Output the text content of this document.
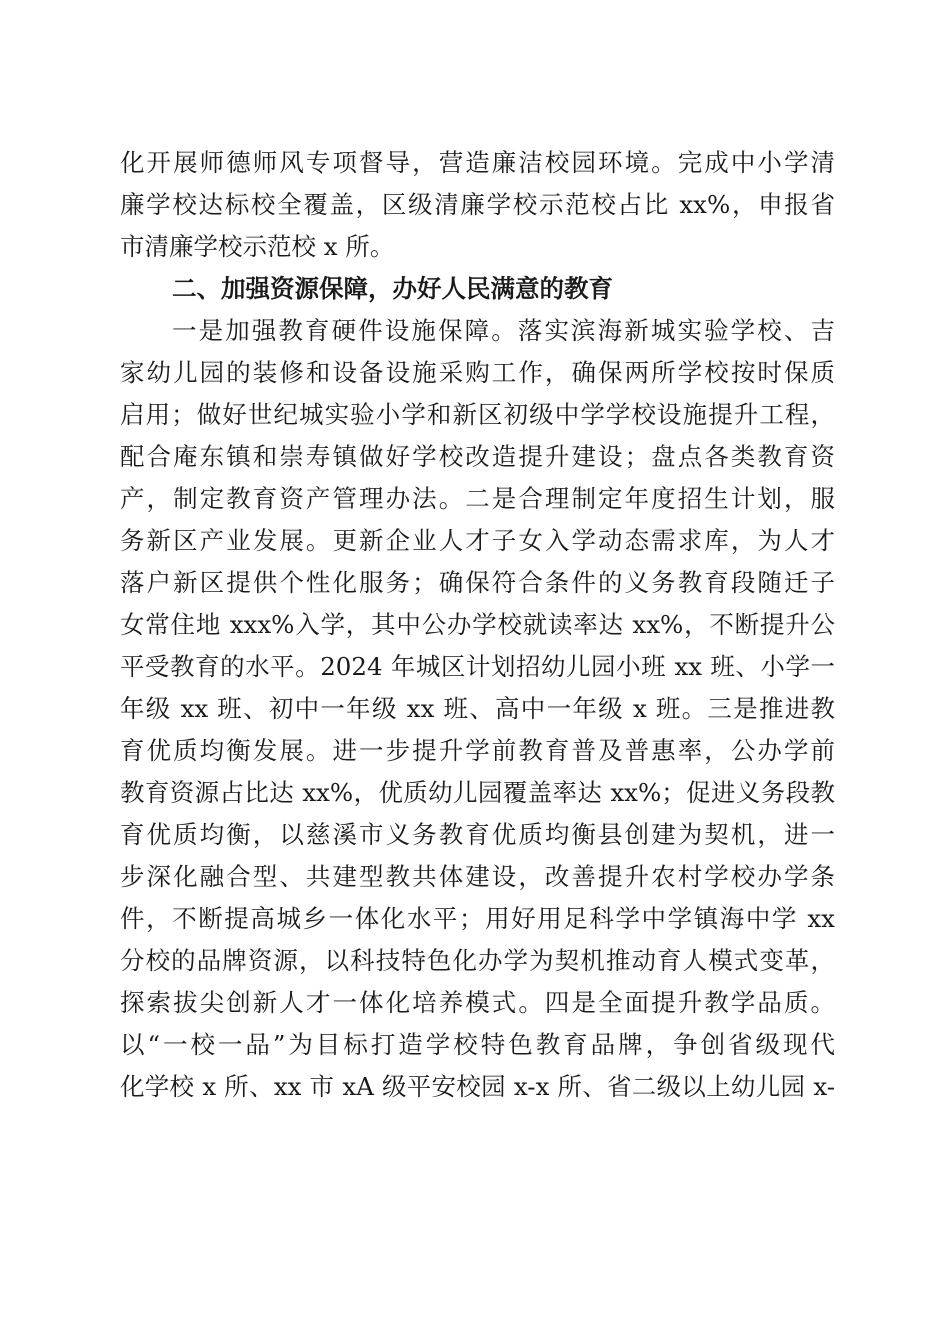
化开展师德师风专项督导，营造廉洁校园环境。完成中小学清
廉学校达标校全覆盖，区级清廉学校示范校占比 xx%，申报省
市清廉学校示范校 x 所。
二、加强资源保障，办好人民满意的教育
一是加强教育硬件设施保障。落实滨海新城实验学校、吉
家幼儿园的装修和设备设施采购工作，确保两所学校按时保质
启用；做好世纪城实验小学和新区初级中学学校设施提升工程，
配合庵东镇和崇寿镇做好学校改造提升建设；盘点各类教育资
产，制定教育资产管理办法。二是合理制定年度招生计划，服
务新区产业发展。更新企业人才子女入学动态需求库，为人才
落户新区提供个性化服务；确保符合条件的义务教育段随迁子
女常住地 xxx%入学，其中公办学校就读率达 xx%，不断提升公
平受教育的水平。2024 年城区计划招幼儿园小班 xx 班、小学一
年级 xx 班、初中一年级 xx 班、高中一年级 x 班。三是推进教
育优质均衡发展。进一步提升学前教育普及普惠率，公办学前
教育资源占比达 xx%，优质幼儿园覆盖率达 xx%；促进义务段教
育优质均衡，以慈溪市义务教育优质均衡县创建为契机，进一
步深化融合型、共建型教共体建设，改善提升农村学校办学条
件，不断提高城乡一体化水平；用好用足科学中学镇海中学 xx
分校的品牌资源，以科技特色化办学为契机推动育人模式变革，
探索拔尖创新人才一体化培养模式。四是全面提升教学品质。
以“一校一品”为目标打造学校特色教育品牌，争创省级现代
化学校 x 所、xx 市 xA 级平安校园 x-x 所、省二级以上幼儿园 x-
